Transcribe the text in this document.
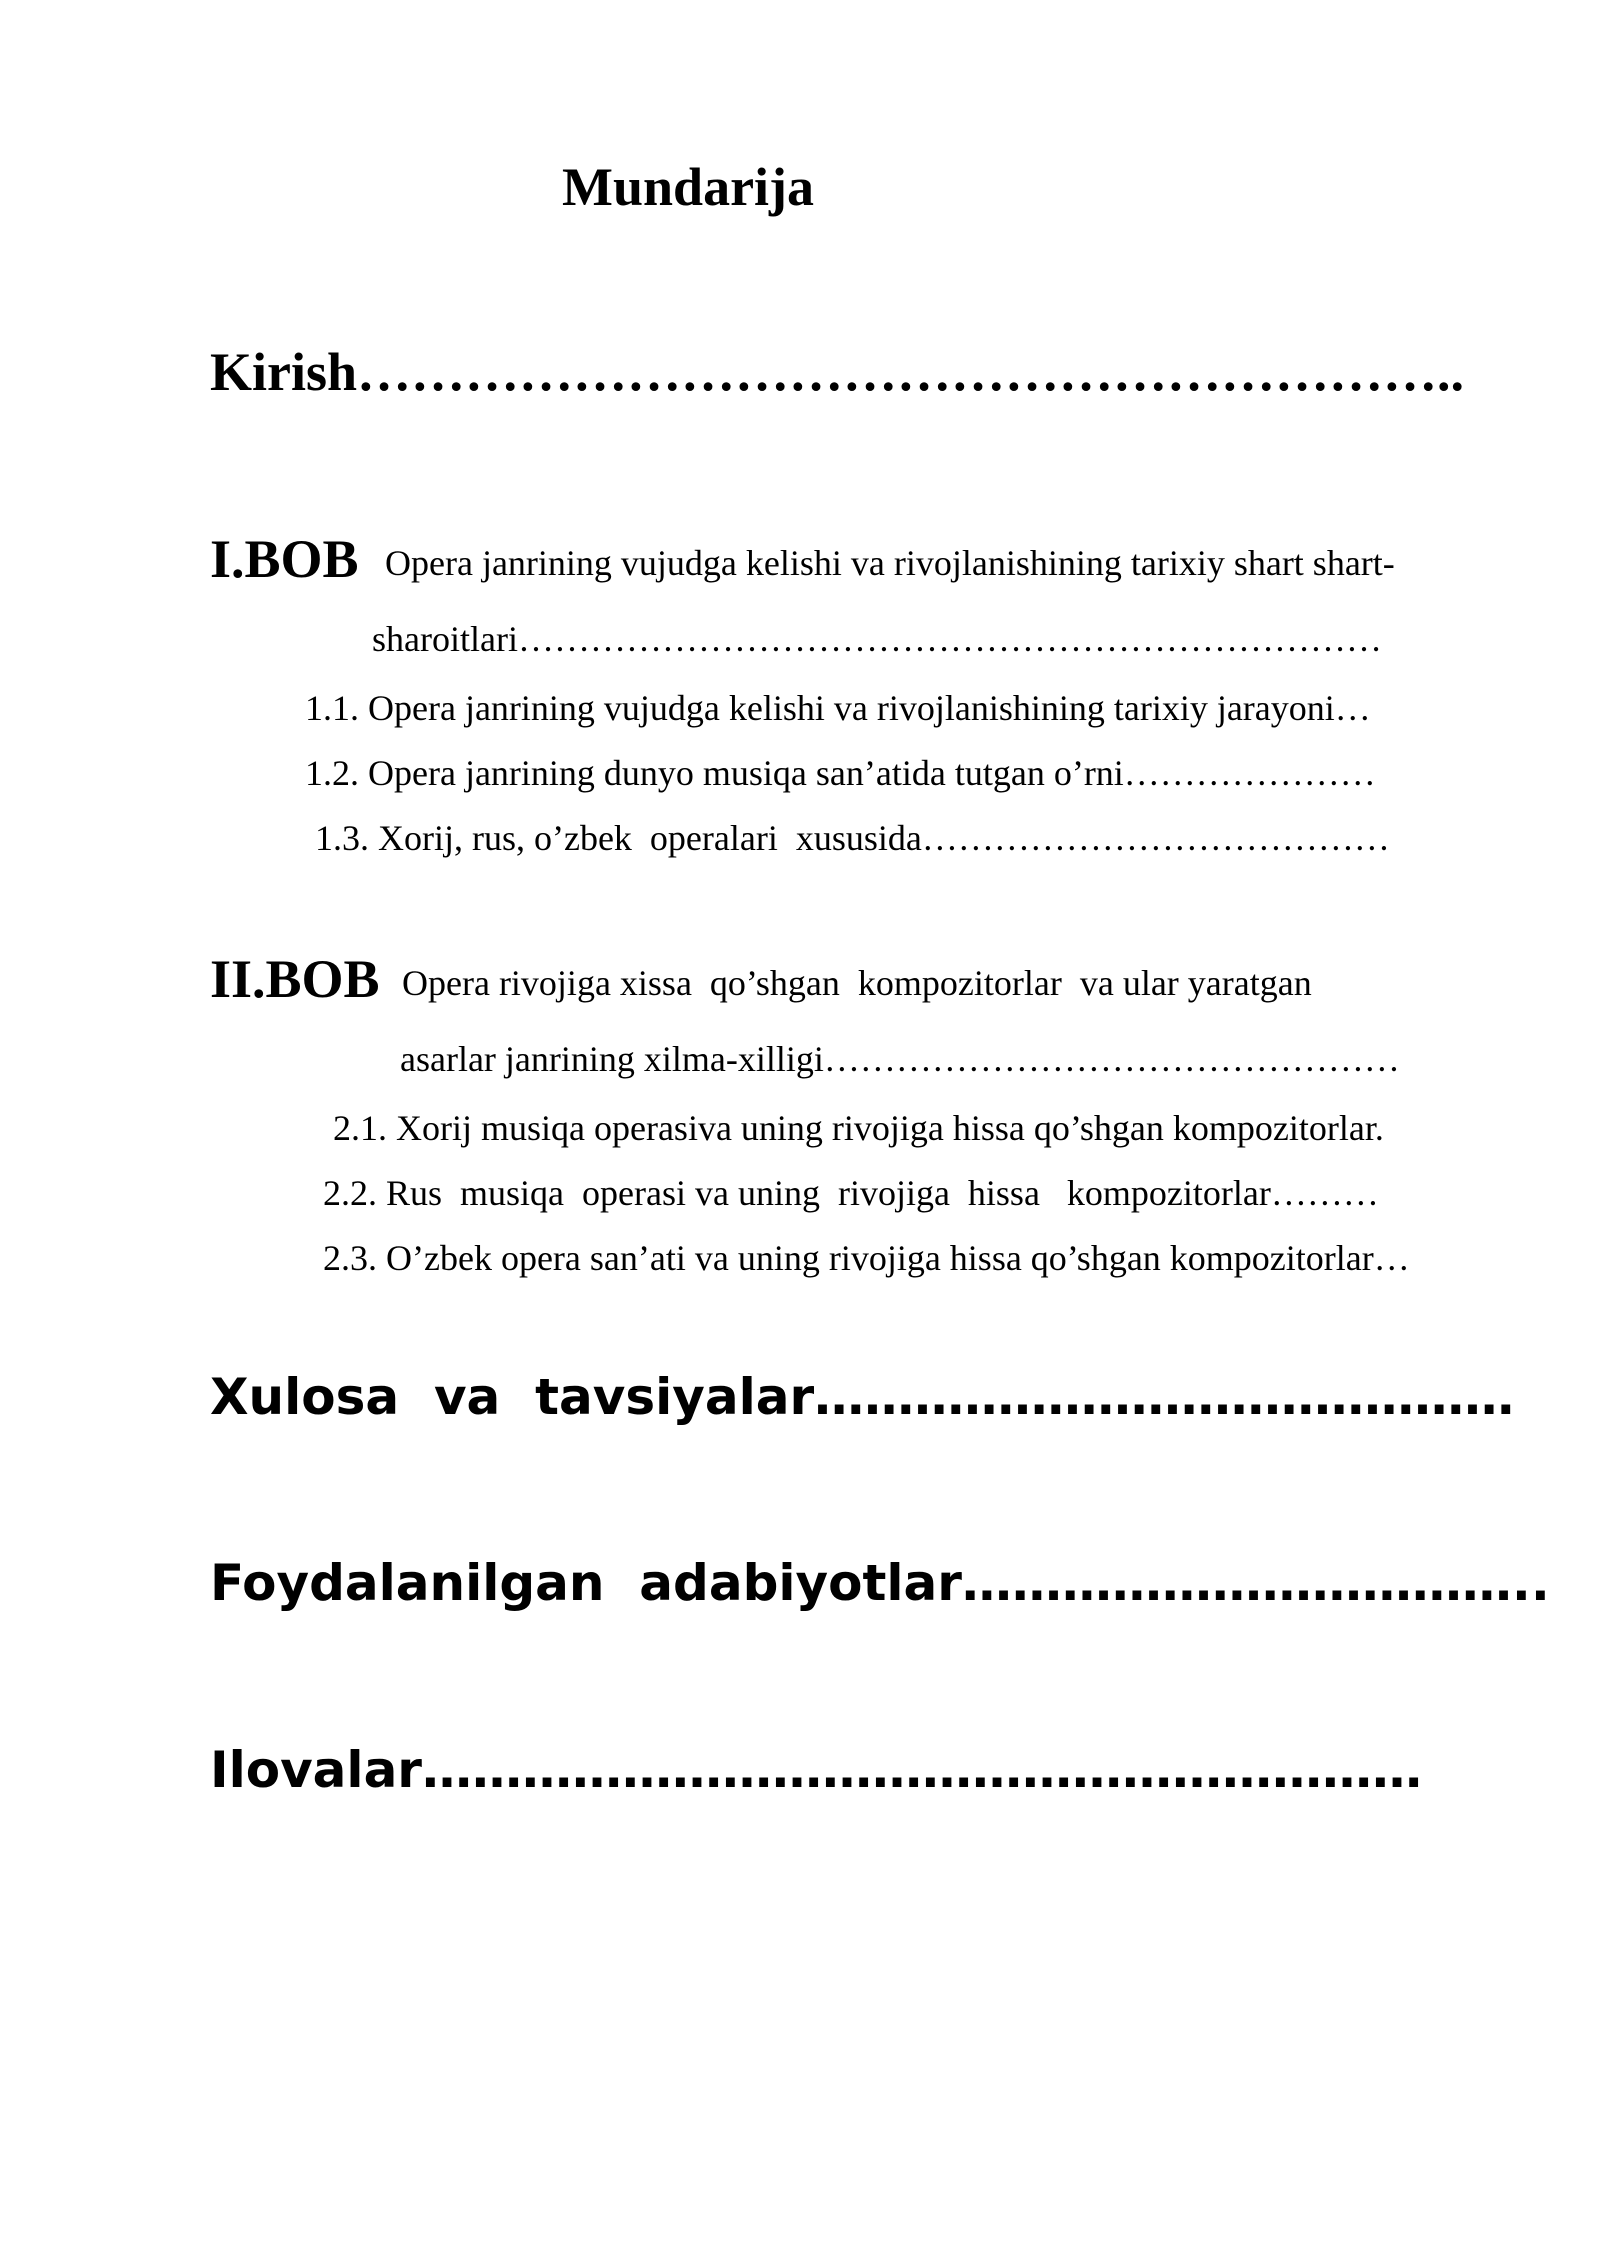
Mundarija
Kirish……………………………………………………..
I.BOB Opera janrining vujudga kelishi va rivojlanishining tarixiy shart shart-
sharoitlari………………………………………………………………
1.1. Opera janrining vujudga kelishi va rivojlanishining tarixiy jarayoni…
1.2. Opera janrining dunyo musiqa san’atida tutgan o’rni…………………
1.3. Xorij, rus, o’zbek  operalari  xususida…………………………………
II.BOB Opera rivojiga xissa  qo’shgan  kompozitorlar  va ular yaratgan
asarlar janrining xilma-xilligi…………………………………………
2.1. Xorij musiqa operasiva uning rivojiga hissa qo’shgan kompozitorlar.
2.2. Rus  musiqa  operasi va uning  rivojiga  hissa   kompozitorlar………
2.3. O’zbek opera san’ati va uning rivojiga hissa qo’shgan kompozitorlar…
Xulosa  va  tavsiyalar……………………………………
Foydalanilgan  adabiyotlar……………………………..
Ilovalar……………………………………………………
